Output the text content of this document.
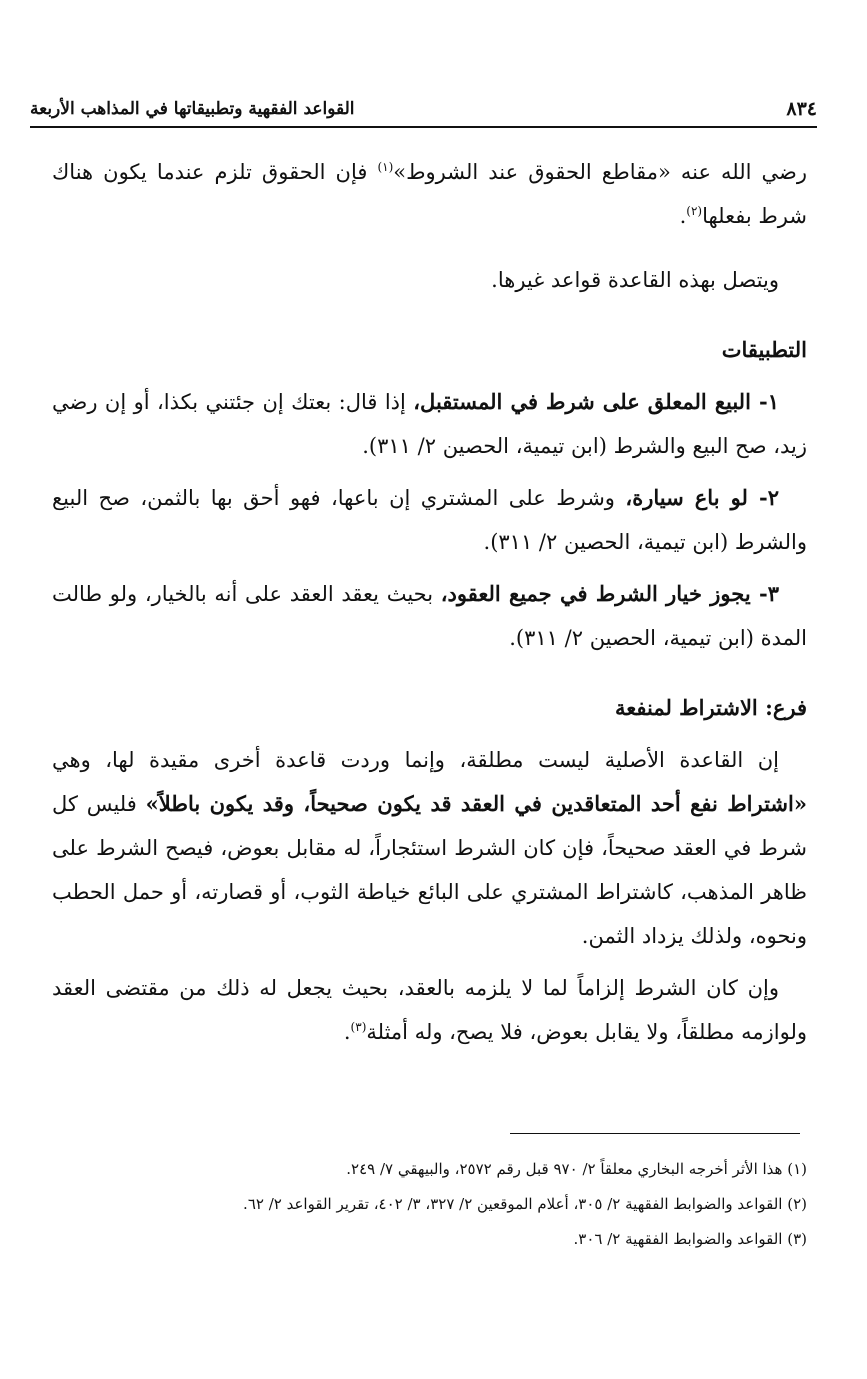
٨٣٤
القواعد الفقهية وتطبيقاتها في المذاهب الأربعة

رضي الله عنه «مقاطع الحقوق عند الشروط»$^{(١)}$ فإن الحقوق تلزم عندما يكون هناك شرط بفعلها$^{(٢)}$.

ويتصل بهذه القاعدة قواعد غيرها.

التطبيقات

١- البيع المعلق على شرط في المستقبل، إذا قال: بعتك إن جئتني بكذا، أو إن رضي زيد، صح البيع والشرط (ابن تيمية، الحصين ٢/ ٣١١).

٢- لو باع سيارة، وشرط على المشتري إن باعها، فهو أحق بها بالثمن، صح البيع والشرط (ابن تيمية، الحصين ٢/ ٣١١).

٣- يجوز خيار الشرط في جميع العقود، بحيث يعقد العقد على أنه بالخيار، ولو طالت المدة (ابن تيمية، الحصين ٢/ ٣١١).

فرع: الاشتراط لمنفعة

إن القاعدة الأصلية ليست مطلقة، وإنما وردت قاعدة أخرى مقيدة لها، وهي «اشتراط نفع أحد المتعاقدين في العقد قد يكون صحيحاً، وقد يكون باطلاً» فليس كل شرط في العقد صحيحاً، فإن كان الشرط استئجاراً، له مقابل بعوض، فيصح الشرط على ظاهر المذهب، كاشتراط المشتري على البائع خياطة الثوب، أو قصارته، أو حمل الحطب ونحوه، ولذلك يزداد الثمن.

وإن كان الشرط إلزاماً لما لا يلزمه بالعقد، بحيث يجعل له ذلك من مقتضى العقد ولوازمه مطلقاً، ولا يقابل بعوض، فلا يصح، وله أمثلة$^{(٣)}$.

(١) هذا الأثر أخرجه البخاري معلقاً ٢/ ٩٧٠ قبل رقم ٢٥٧٢، والبيهقي ٧/ ٢٤٩.

(٢) القواعد والضوابط الفقهية ٢/ ٣٠٥، أعلام الموقعين ٢/ ٣٢٧، ٣/ ٤٠٢، تقرير القواعد ٢/ ٦٢.

(٣) القواعد والضوابط الفقهية ٢/ ٣٠٦.
